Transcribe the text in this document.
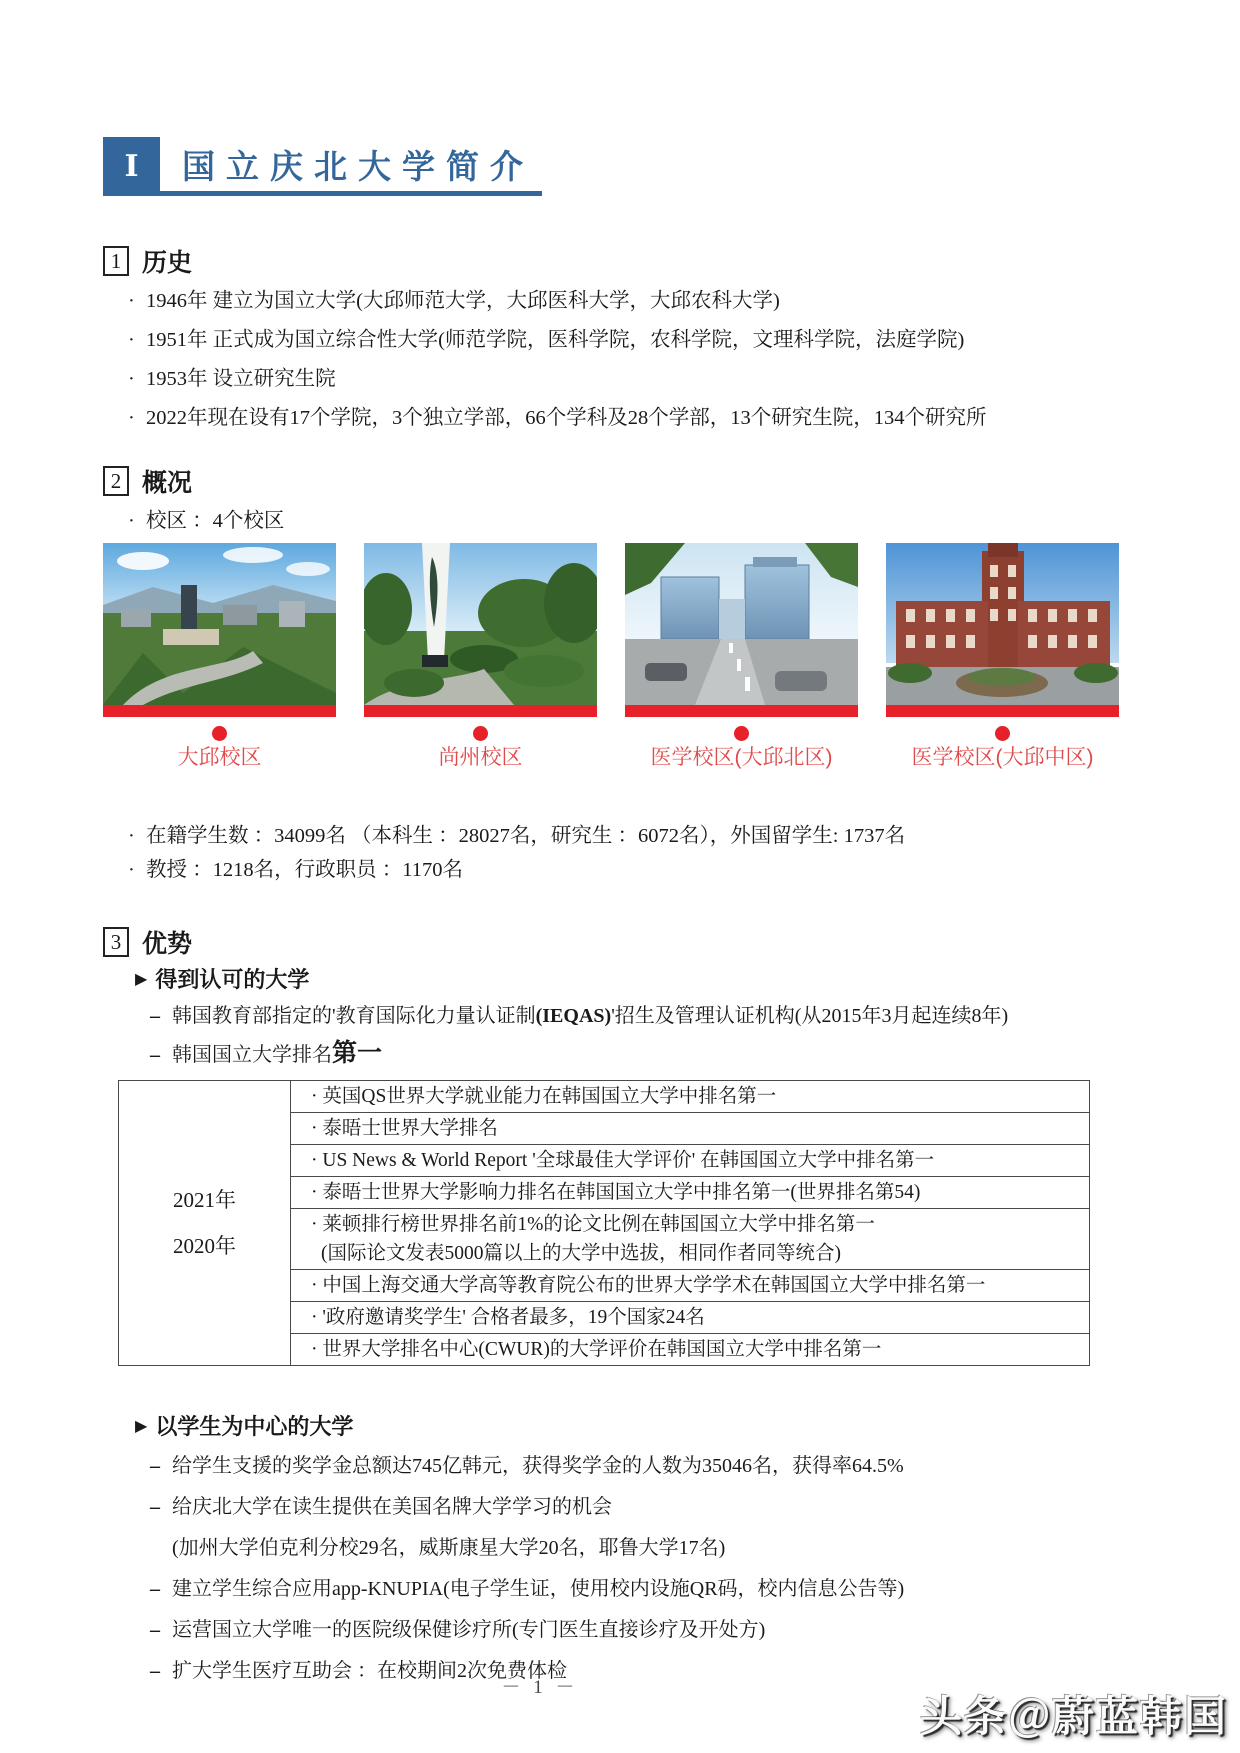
Ⅰ 国立庆北大学简介
1 历史
· 1946年 建立为国立大学(大邱师范大学，大邱医科大学，大邱农科大学)
· 1951年 正式成为国立综合性大学(师范学院，医科学院，农科学院，文理科学院，法庭学院)
· 1953年 设立研究生院
· 2022年现在设有17个学院，3个独立学部，66个学科及28个学部，13个研究生院，134个研究所
2 概况
· 校区 ：4个校区
大邱校区	尚州校区	医学校区(大邱北区)	医学校区(大邱中区)
· 在籍学生数 ：34099名 （本科生 ：28027名，研究生 ：6072名），外国留学生: 1737名
· 教授 ：1218名，行政职员 ：1170名
3 优势
▶ 得到认可的大学
– 韩国教育部指定的'教育国际化力量认证制(IEQAS)'招生及管理认证机构(从2015年3月起连续8年)
– 韩国国立大学排名第一
2021年
2020年

· 英国QS世界大学就业能力在韩国国立大学中排名第一

· 泰晤士世界大学排名

· US News & World Report '全球最佳大学评价' 在韩国国立大学中排名第一

· 泰晤士世界大学影响力排名在韩国国立大学中排名第一(世界排名第54)

· 莱顿排行榜世界排名前1%的论文比例在韩国国立大学中排名第一
(国际论文发表5000篇以上的大学中选拔，相同作者同等统合)

· 中国上海交通大学高等教育院公布的世界大学学术在韩国国立大学中排名第一

· '政府邀请奖学生' 合格者最多，19个国家24名

· 世界大学排名中心(CWUR)的大学评价在韩国国立大学中排名第一
▶ 以学生为中心的大学
– 给学生支援的奖学金总额达745亿韩元，获得奖学金的人数为35046名，获得率64.5%
– 给庆北大学在读生提供在美国名牌大学学习的机会
(加州大学伯克利分校29名，威斯康星大学20名，耶鲁大学17名)
– 建立学生综合应用app-KNUPIA(电子学生证，使用校内设施QR码，校内信息公告等)
– 运营国立大学唯一的医院级保健诊疗所(专门医生直接诊疗及开处方)
– 扩大学生医疗互助会 ：在校期间2次免费体检
－ 1 －
头条＠蔚蓝韩国
